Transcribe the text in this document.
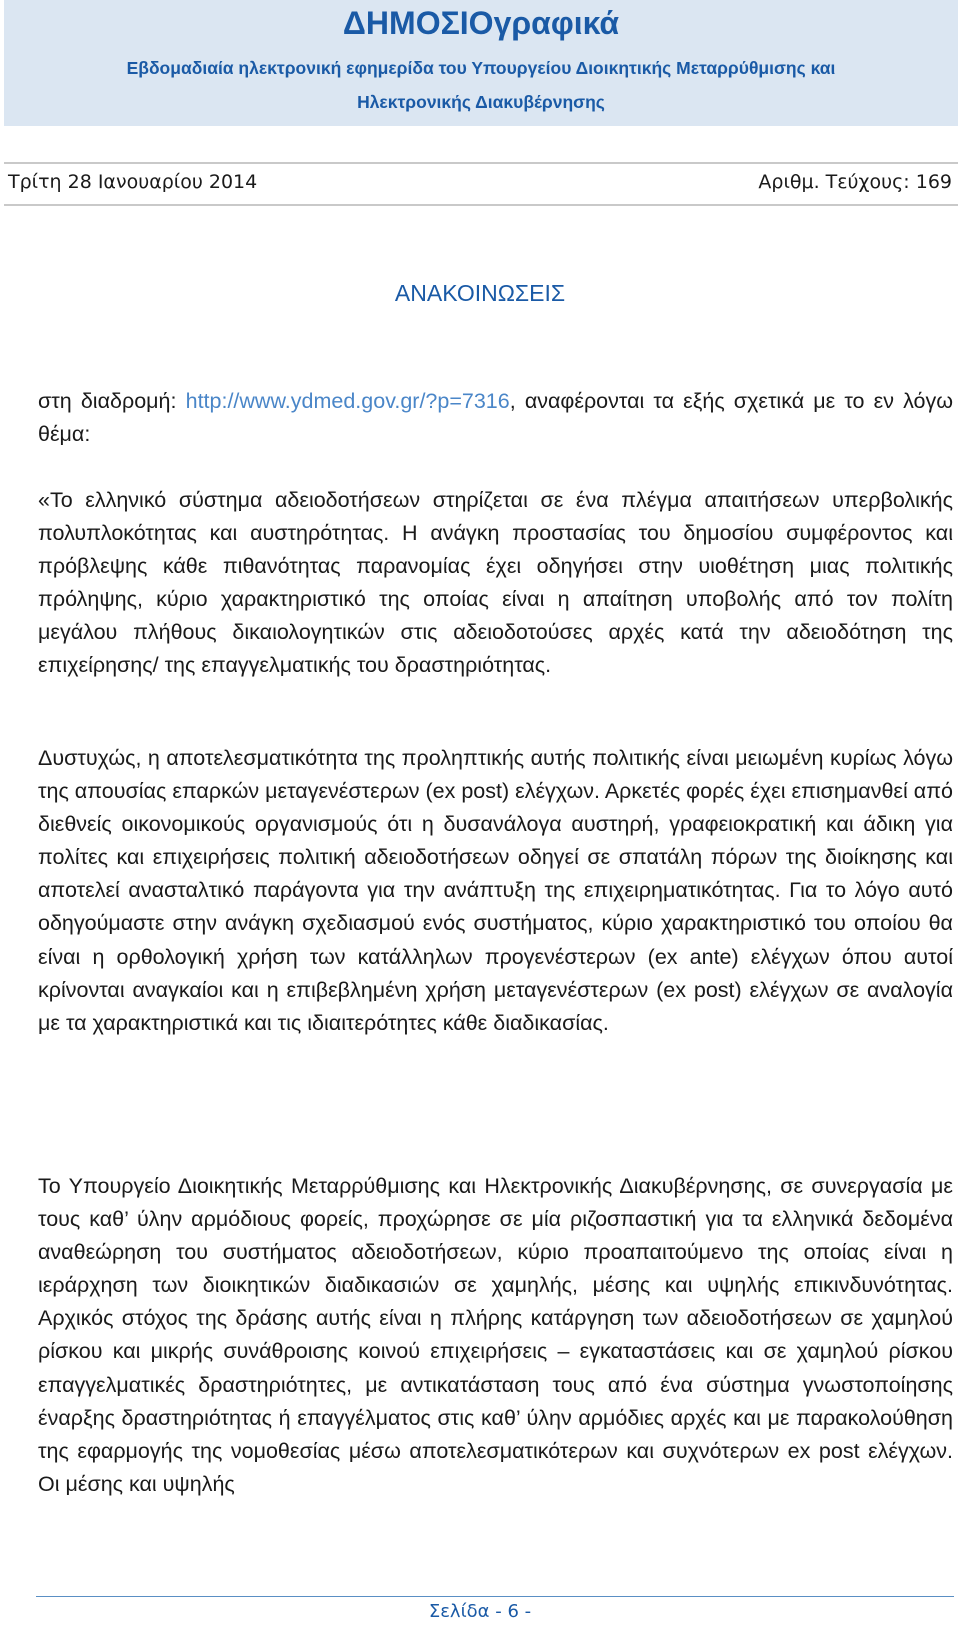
ΔΗΜΟΣΙΟγραφικά
Εβδομαδιαία ηλεκτρονική εφημερίδα του Υπουργείου Διοικητικής Μεταρρύθμισης και
Ηλεκτρονικής Διακυβέρνησης
Τρίτη 28 Ιανουαρίου 2014	Αριθμ. Τεύχους: 169
ΑΝΑΚΟΙΝΩΣΕΙΣ

στη διαδρομή: http://www.ydmed.gov.gr/?p=7316, αναφέρονται τα εξής σχετικά με το εν λόγω θέμα:

«Το ελληνικό σύστημα αδειοδοτήσεων στηρίζεται σε ένα πλέγμα απαιτήσεων υπερβολικής πολυπλοκότητας και αυστηρότητας. Η ανάγκη προστασίας του δημοσίου συμφέροντος και πρόβλεψης κάθε πιθανότητας παρανομίας έχει οδηγήσει στην υιοθέτηση μιας πολιτικής πρόληψης, κύριο χαρακτηριστικό της οποίας είναι η απαίτηση υποβολής από τον πολίτη μεγάλου πλήθους δικαιολογητικών στις αδειοδοτούσες αρχές κατά την αδειοδότηση της επιχείρησης/ της επαγγελματικής του δραστηριότητας.

Δυστυχώς, η αποτελεσματικότητα της προληπτικής αυτής πολιτικής είναι μειωμένη κυρίως λόγω της απουσίας επαρκών μεταγενέστερων (ex post) ελέγχων. Αρκετές φορές έχει επισημανθεί από διεθνείς οικονομικούς οργανισμούς ότι η δυσανάλογα αυστηρή, γραφειοκρατική και άδικη για πολίτες και επιχειρήσεις πολιτική αδειοδοτήσεων οδηγεί σε σπατάλη πόρων της διοίκησης και αποτελεί ανασταλτικό παράγοντα για την ανάπτυξη της επιχειρηματικότητας. Για το λόγο αυτό οδηγούμαστε στην ανάγκη σχεδιασμού ενός συστήματος, κύριο χαρακτηριστικό του οποίου θα είναι η ορθολογική χρήση των κατάλληλων προγενέστερων (ex ante) ελέγχων όπου αυτοί κρίνονται αναγκαίοι και η επιβεβλημένη χρήση μεταγενέστερων (ex post) ελέγχων σε αναλογία με τα χαρακτηριστικά και τις ιδιαιτερότητες κάθε διαδικασίας.

Το Υπουργείο Διοικητικής Μεταρρύθμισης και Ηλεκτρονικής Διακυβέρνησης, σε συνεργασία με τους καθ’ ύλην αρμόδιους φορείς, προχώρησε σε μία ριζοσπαστική για τα ελληνικά δεδομένα αναθεώρηση του συστήματος αδειοδοτήσεων, κύριο προαπαιτούμενο της οποίας είναι η ιεράρχηση των διοικητικών διαδικασιών σε χαμηλής, μέσης και υψηλής επικινδυνότητας. Αρχικός στόχος της δράσης αυτής είναι η πλήρης κατάργηση των αδειοδοτήσεων σε χαμηλού ρίσκου και μικρής συνάθροισης κοινού επιχειρήσεις – εγκαταστάσεις και σε χαμηλού ρίσκου επαγγελματικές δραστηριότητες, με αντικατάσταση τους από ένα σύστημα γνωστοποίησης έναρξης δραστηριότητας ή επαγγέλματος στις καθ’ ύλην αρμόδιες αρχές και με παρακολούθηση της εφαρμογής της νομοθεσίας μέσω αποτελεσματικότερων και συχνότερων ex post ελέγχων. Οι μέσης και υψηλής

Σελίδα - 6 -
